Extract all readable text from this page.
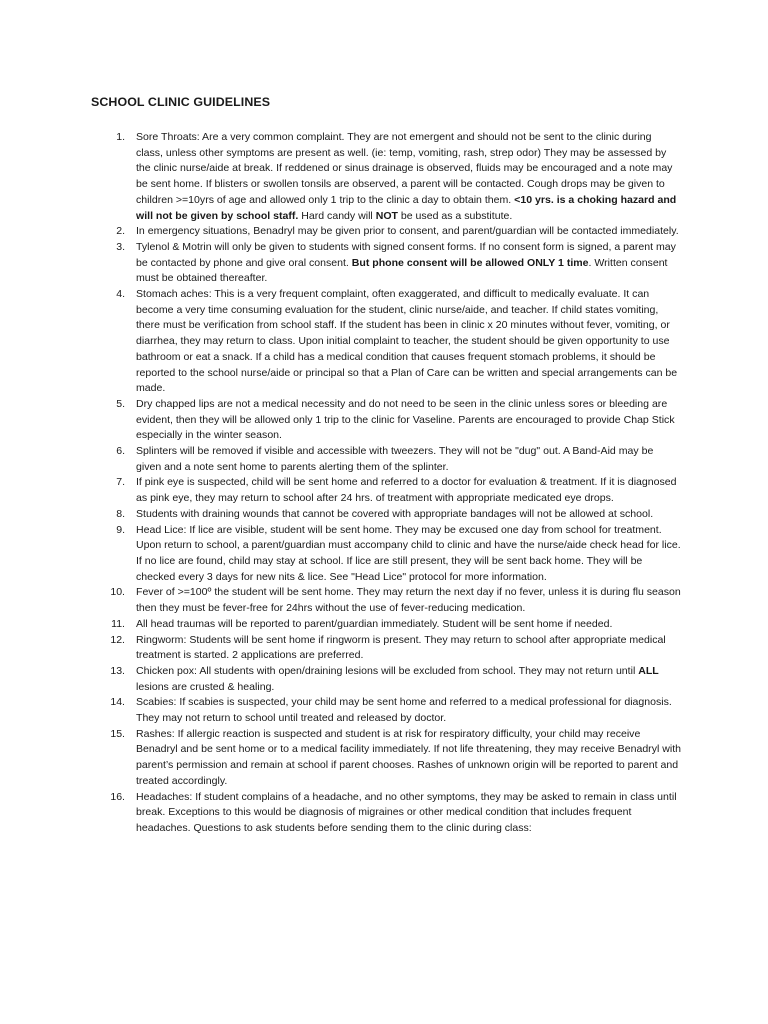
SCHOOL CLINIC GUIDELINES
1. Sore Throats: Are a very common complaint. They are not emergent and should not be sent to the clinic during class, unless other symptoms are present as well. (ie: temp, vomiting, rash, strep odor) They may be assessed by the clinic nurse/aide at break. If reddened or sinus drainage is observed, fluids may be encouraged and a note may be sent home. If blisters or swollen tonsils are observed, a parent will be contacted. Cough drops may be given to children >=10yrs of age and allowed only 1 trip to the clinic a day to obtain them. <10 yrs. is a choking hazard and will not be given by school staff. Hard candy will NOT be used as a substitute.
2. In emergency situations, Benadryl may be given prior to consent, and parent/guardian will be contacted immediately.
3. Tylenol & Motrin will only be given to students with signed consent forms. If no consent form is signed, a parent may be contacted by phone and give oral consent. But phone consent will be allowed ONLY 1 time. Written consent must be obtained thereafter.
4. Stomach aches: This is a very frequent complaint, often exaggerated, and difficult to medically evaluate. It can become a very time consuming evaluation for the student, clinic nurse/aide, and teacher. If child states vomiting, there must be verification from school staff. If the student has been in clinic x 20 minutes without fever, vomiting, or diarrhea, they may return to class. Upon initial complaint to teacher, the student should be given opportunity to use bathroom or eat a snack. If a child has a medical condition that causes frequent stomach problems, it should be reported to the school nurse/aide or principal so that a Plan of Care can be written and special arrangements can be made.
5. Dry chapped lips are not a medical necessity and do not need to be seen in the clinic unless sores or bleeding are evident, then they will be allowed only 1 trip to the clinic for Vaseline. Parents are encouraged to provide Chap Stick especially in the winter season.
6. Splinters will be removed if visible and accessible with tweezers. They will not be "dug" out. A Band-Aid may be given and a note sent home to parents alerting them of the splinter.
7. If pink eye is suspected, child will be sent home and referred to a doctor for evaluation & treatment. If it is diagnosed as pink eye, they may return to school after 24 hrs. of treatment with appropriate medicated eye drops.
8. Students with draining wounds that cannot be covered with appropriate bandages will not be allowed at school.
9. Head Lice: If lice are visible, student will be sent home. They may be excused one day from school for treatment. Upon return to school, a parent/guardian must accompany child to clinic and have the nurse/aide check head for lice. If no lice are found, child may stay at school. If lice are still present, they will be sent back home. They will be checked every 3 days for new nits & lice. See "Head Lice" protocol for more information.
10. Fever of >=100º the student will be sent home. They may return the next day if no fever, unless it is during flu season then they must be fever-free for 24hrs without the use of fever-reducing medication.
11. All head traumas will be reported to parent/guardian immediately. Student will be sent home if needed.
12. Ringworm: Students will be sent home if ringworm is present. They may return to school after appropriate medical treatment is started. 2 applications are preferred.
13. Chicken pox: All students with open/draining lesions will be excluded from school. They may not return until ALL lesions are crusted & healing.
14. Scabies: If scabies is suspected, your child may be sent home and referred to a medical professional for diagnosis. They may not return to school until treated and released by doctor.
15. Rashes: If allergic reaction is suspected and student is at risk for respiratory difficulty, your child may receive Benadryl and be sent home or to a medical facility immediately. If not life threatening, they may receive Benadryl with parent’s permission and remain at school if parent chooses. Rashes of unknown origin will be reported to parent and treated accordingly.
16. Headaches: If student complains of a headache, and no other symptoms, they may be asked to remain in class until break. Exceptions to this would be diagnosis of migraines or other medical condition that includes frequent headaches. Questions to ask students before sending them to the clinic during class:
